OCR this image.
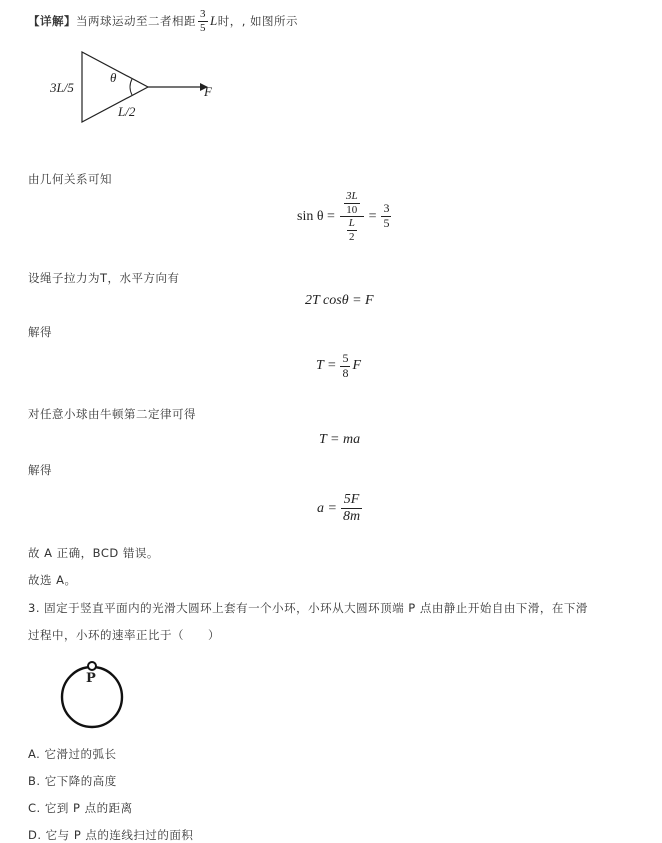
【详解】 当两球运动至二者相距 $\frac{3}{5}$ L 时，, 如图所示
3L/5
θ
F
L/2
由几何关系可知
$\sin \theta = \frac{\frac{3L}{10}}{\frac{L}{2}} = \frac{3}{5}$
设绳子拉力为T，水平方向有
2T cosθ = F
解得
$T = \frac{5}{8}$ F
对任意小球由牛顿第二定律可得
T = ma
解得
$a = \frac{5F}{8m}$
故 A 正确，BCD 错误。
故选 A。
3. 固定于竖直平面内的光滑大圆环上套有一个小环，小环从大圆环顶端 P 点由静止开始自由下滑，在下滑
过程中，小环的速率正比于（　　）
P
A. 它滑过的弧长
B. 它下降的高度
C. 它到 P 点的距离
D. 它与 P 点的连线扫过的面积
